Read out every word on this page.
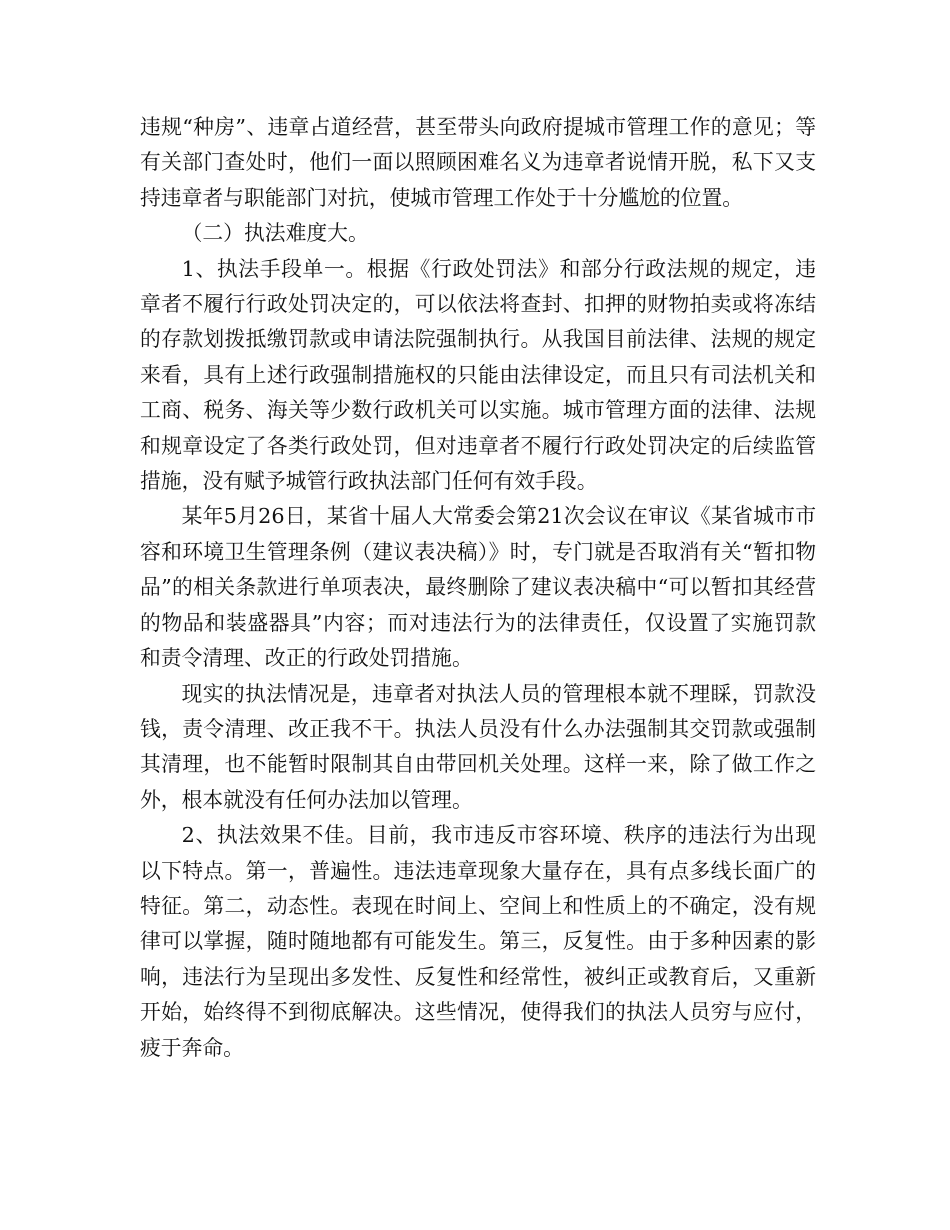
违规“种房”、违章占道经营，甚至带头向政府提城市管理工作的意见；等有关部门查处时，他们一面以照顾困难名义为违章者说情开脱，私下又支持违章者与职能部门对抗，使城市管理工作处于十分尴尬的位置。

（二）执法难度大。

1、执法手段单一。根据《行政处罚法》和部分行政法规的规定，违章者不履行行政处罚决定的，可以依法将查封、扣押的财物拍卖或将冻结的存款划拨抵缴罚款或申请法院强制执行。从我国目前法律、法规的规定来看，具有上述行政强制措施权的只能由法律设定，而且只有司法机关和工商、税务、海关等少数行政机关可以实施。城市管理方面的法律、法规和规章设定了各类行政处罚，但对违章者不履行行政处罚决定的后续监管措施，没有赋予城管行政执法部门任何有效手段。

某年5月26日，某省十届人大常委会第21次会议在审议《某省城市市容和环境卫生管理条例（建议表决稿）》时，专门就是否取消有关“暂扣物品”的相关条款进行单项表决，最终删除了建议表决稿中“可以暂扣其经营的物品和装盛器具”内容；而对违法行为的法律责任，仅设置了实施罚款和责令清理、改正的行政处罚措施。

现实的执法情况是，违章者对执法人员的管理根本就不理睬，罚款没钱，责令清理、改正我不干。执法人员没有什么办法强制其交罚款或强制其清理，也不能暂时限制其自由带回机关处理。这样一来，除了做工作之外，根本就没有任何办法加以管理。

2、执法效果不佳。目前，我市违反市容环境、秩序的违法行为出现以下特点。第一，普遍性。违法违章现象大量存在，具有点多线长面广的特征。第二，动态性。表现在时间上、空间上和性质上的不确定，没有规律可以掌握，随时随地都有可能发生。第三，反复性。由于多种因素的影响，违法行为呈现出多发性、反复性和经常性，被纠正或教育后，又重新开始，始终得不到彻底解决。这些情况，使得我们的执法人员穷与应付，疲于奔命。
